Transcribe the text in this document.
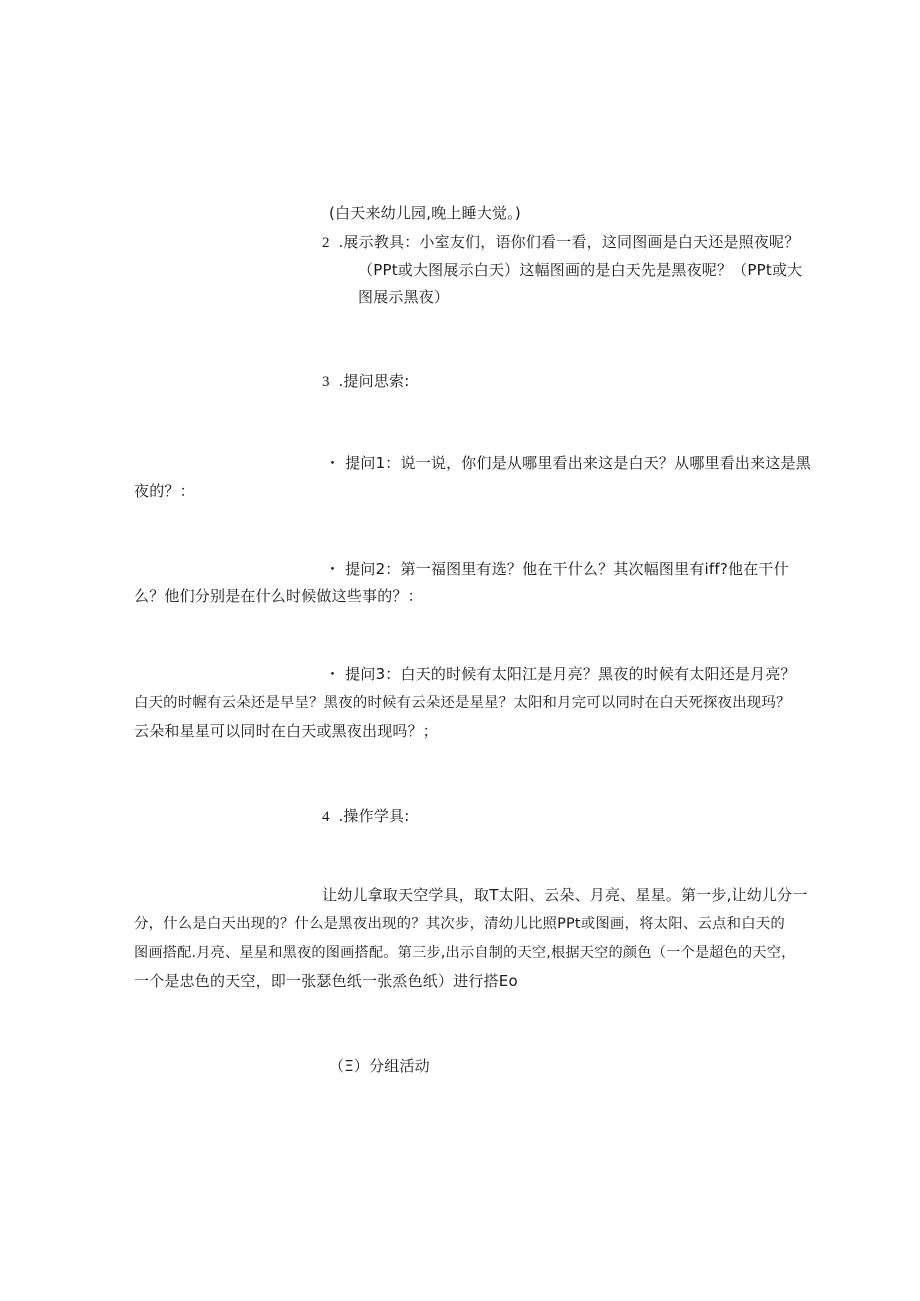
(白天来幼儿园,晚上睡大觉。)
2 .展示教具：小室友们，语你们看一看，这同图画是白天还是照夜呢？
（PPt或大图展示白天）这幅图画的是白天先是黑夜呢？（PPt或大
图展示黑夜）
3 .提问思索:
・ 提问1：说一说，你们是从哪里看出来这是白天？从哪里看出来这是黑
夜的？：
・ 提问2：第一福图里有选？他在干什么？其次幅图里有iff?他在干什
么？他们分别是在什么时候做这些事的？：
・ 提问3：白天的时候有太阳江是月亮？黑夜的时候有太阳还是月亮？
白天的时幄有云朵还是早呈？黑夜的时候有云朵还是星星？太阳和月完可以同时在白天死探夜出现玛？
云朵和星星可以同时在白天或黑夜出现吗？；
4 .操作学具:
让幼儿拿取天空学具，取T太阳、云朵、月亮、星星。第一步,让幼儿分一
分，什么是白天出现的？什么是黑夜出现的？其次步，清幼儿比照PPt或图画，将太阳、云点和白天的
图画搭配.月亮、星星和黑夜的图画搭配。第三步,出示自制的天空,根据天空的颜色（一个是超色的天空，
一个是忠色的天空，即一张瑟色纸一张烝色纸）进行搭Eo
（Ξ）分组活动
